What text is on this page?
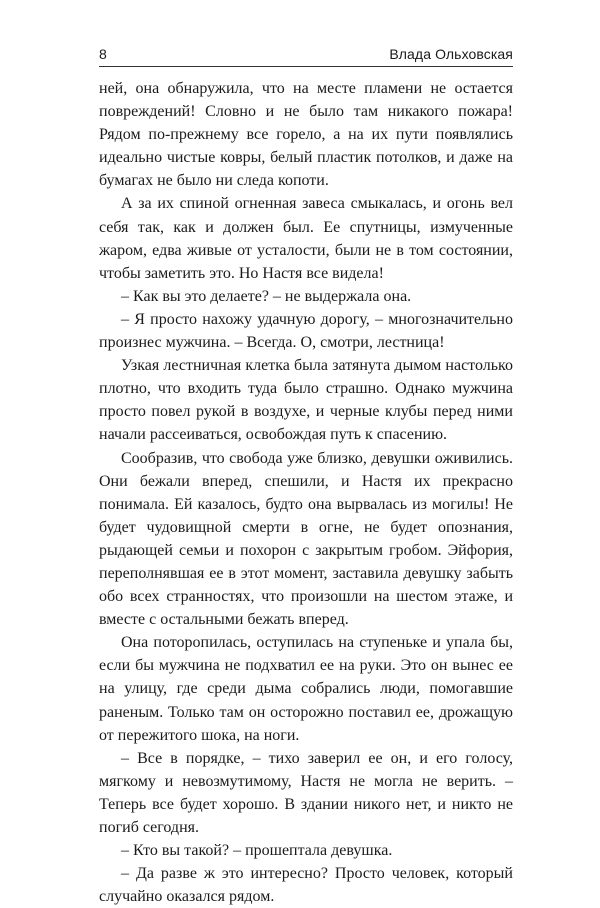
8	Влада Ольховская

ней, она обнаружила, что на месте пламени не остается повреждений! Словно и не было там никакого пожара! Рядом по-прежнему все горело, а на их пути появлялись идеально чистые ковры, белый пластик потолков, и даже на бумагах не было ни следа копоти.

А за их спиной огненная завеса смыкалась, и огонь вел себя так, как и должен был. Ее спутницы, измученные жаром, едва живые от усталости, были не в том состоянии, чтобы заметить это. Но Настя все видела!

– Как вы это делаете? – не выдержала она.

– Я просто нахожу удачную дорогу, – многозначительно произнес мужчина. – Всегда. О, смотри, лестница!

Узкая лестничная клетка была затянута дымом настолько плотно, что входить туда было страшно. Однако мужчина просто повел рукой в воздухе, и черные клубы перед ними начали рассеиваться, освобождая путь к спасению.

Сообразив, что свобода уже близко, девушки оживились. Они бежали вперед, спешили, и Настя их прекрасно понимала. Ей казалось, будто она вырвалась из могилы! Не будет чудовищной смерти в огне, не будет опознания, рыдающей семьи и похорон с закрытым гробом. Эйфория, переполнявшая ее в этот момент, заставила девушку забыть обо всех странностях, что произошли на шестом этаже, и вместе с остальными бежать вперед.

Она поторопилась, оступилась на ступеньке и упала бы, если бы мужчина не подхватил ее на руки. Это он вынес ее на улицу, где среди дыма собрались люди, помогавшие раненым. Только там он осторожно поставил ее, дрожащую от пережитого шока, на ноги.

– Все в порядке, – тихо заверил ее он, и его голосу, мягкому и невозмутимому, Настя не могла не верить. – Теперь все будет хорошо. В здании никого нет, и никто не погиб сегодня.

– Кто вы такой? – прошептала девушка.

– Да разве ж это интересно? Просто человек, который случайно оказался рядом.
